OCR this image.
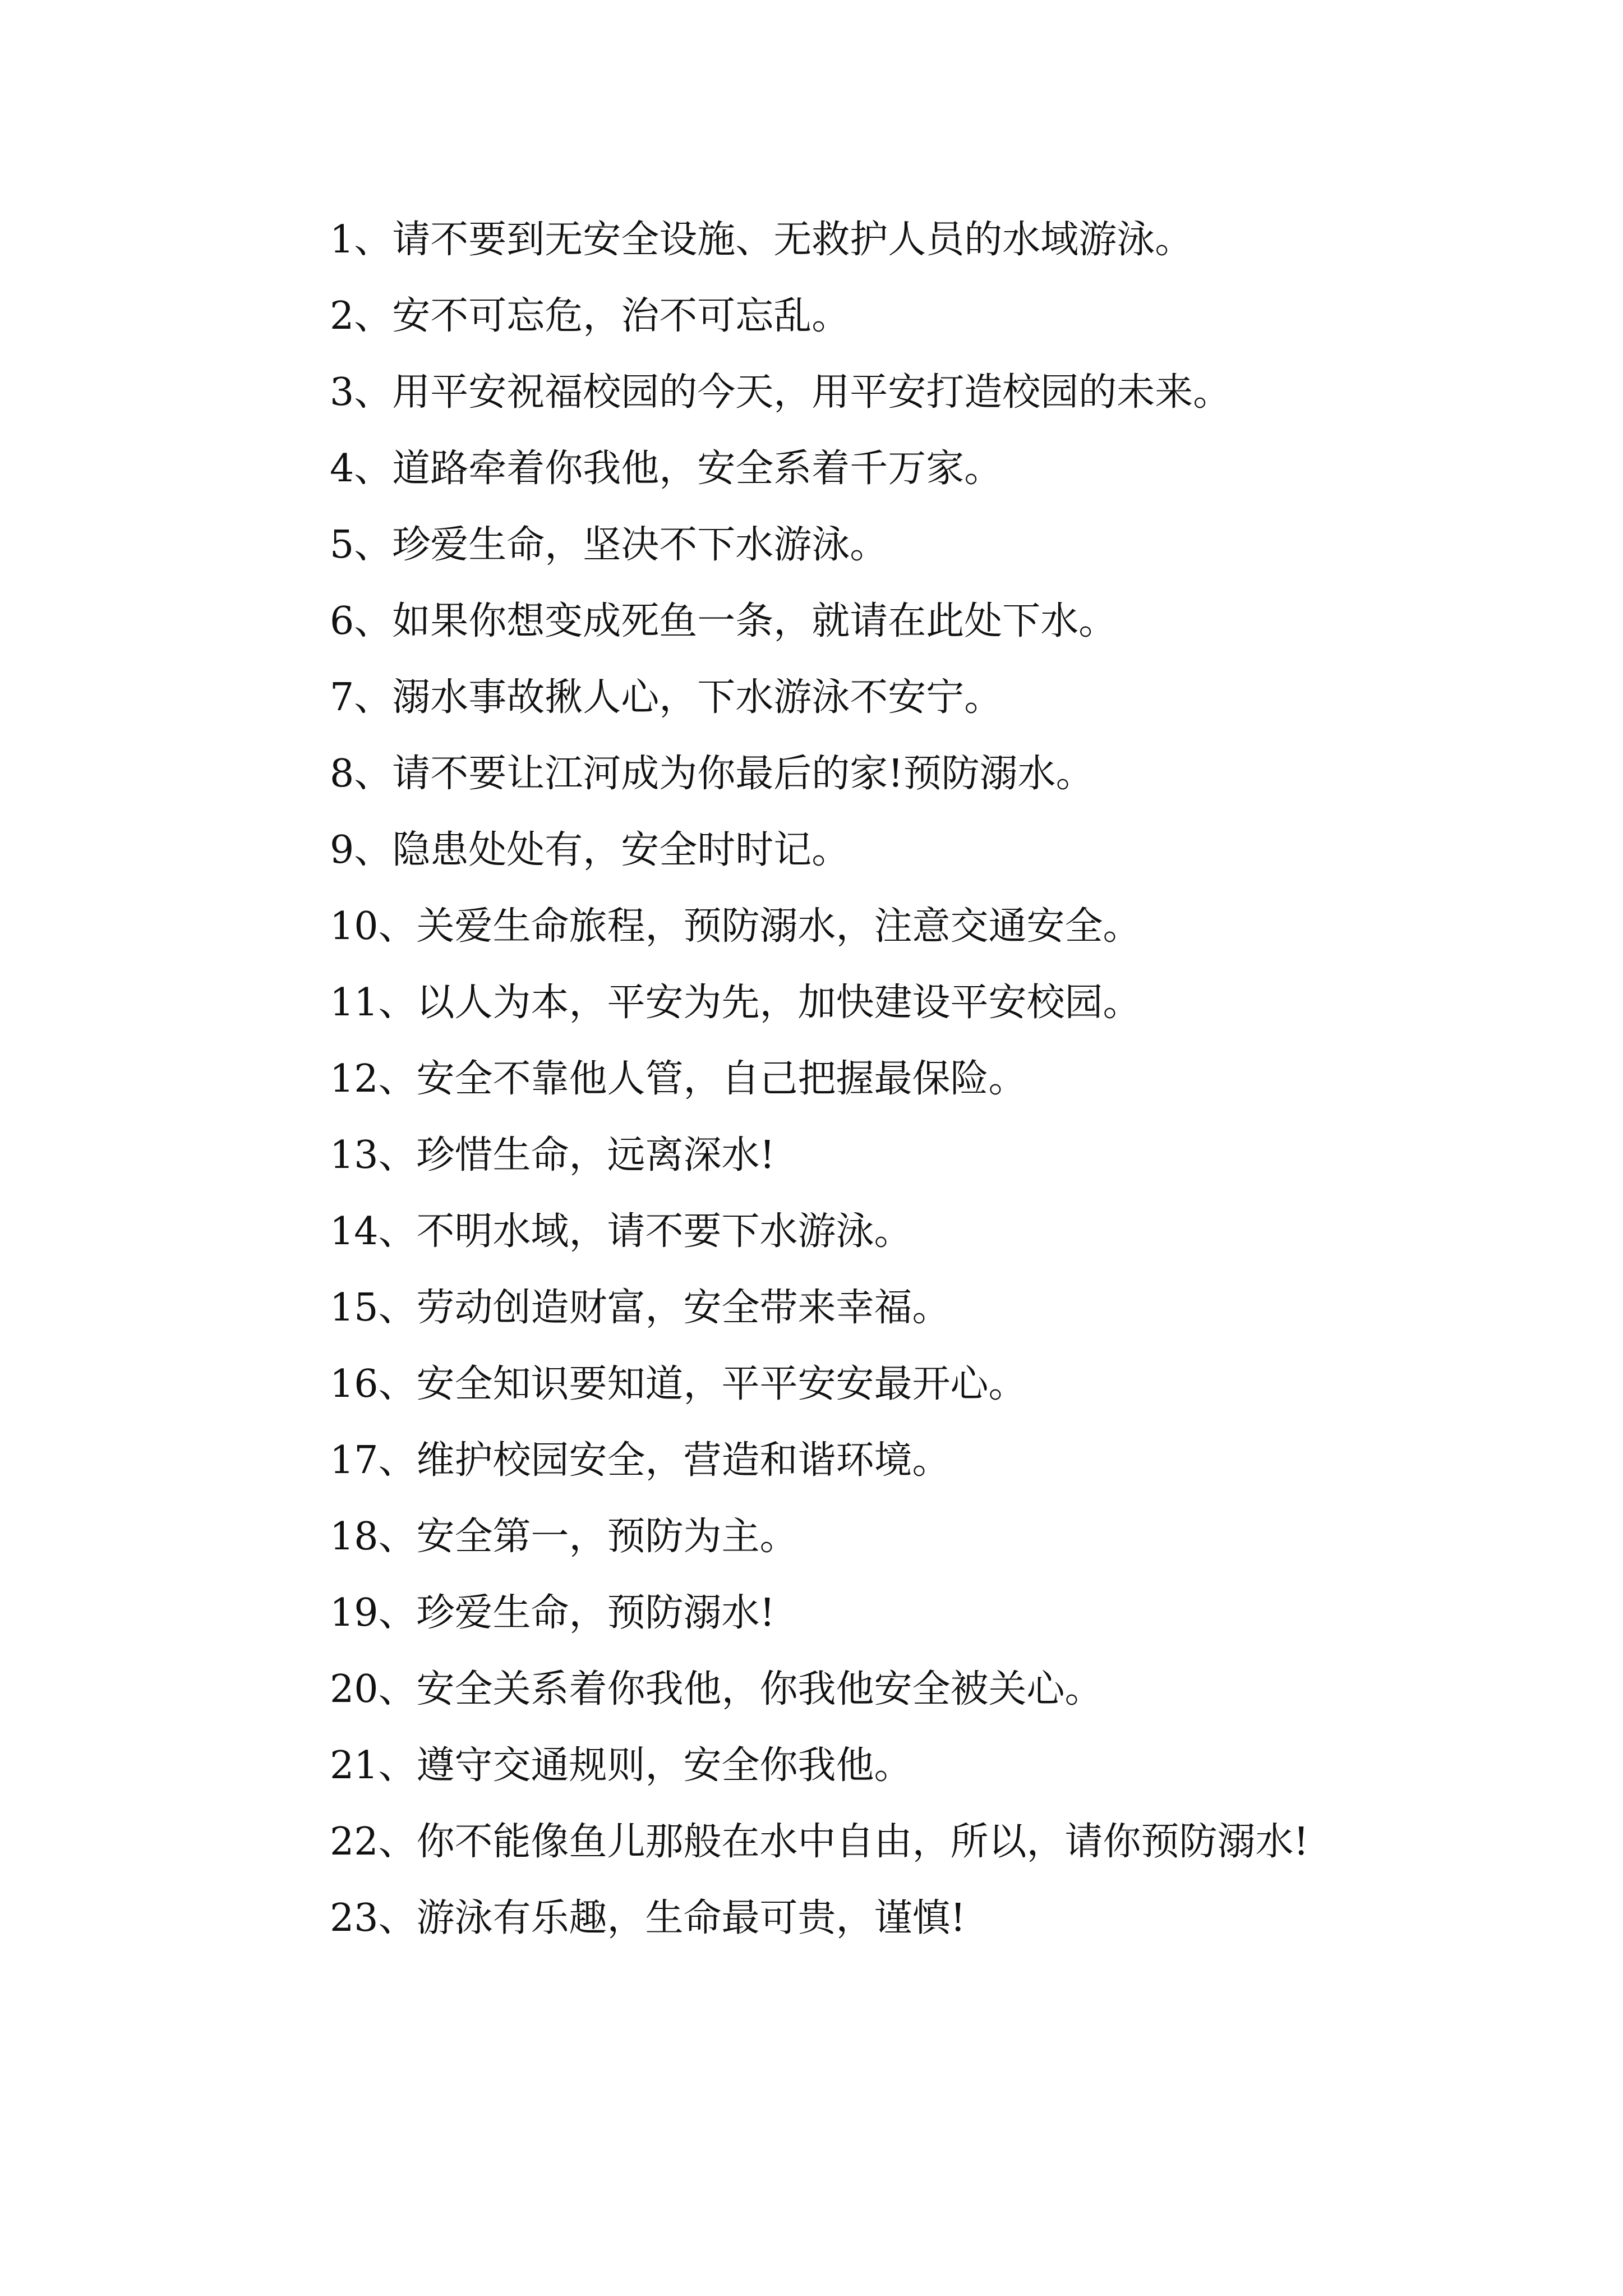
1、请不要到无安全设施、无救护人员的水域游泳。

2、安不可忘危，治不可忘乱。

3、用平安祝福校园的今天，用平安打造校园的未来。

4、道路牵着你我他，安全系着千万家。

5、珍爱生命，坚决不下水游泳。

6、如果你想变成死鱼一条，就请在此处下水。

7、溺水事故揪人心，下水游泳不安宁。

8、请不要让江河成为你最后的家!预防溺水。

9、隐患处处有，安全时时记。

10、关爱生命旅程，预防溺水，注意交通安全。

11、以人为本，平安为先，加快建设平安校园。

12、安全不靠他人管，自己把握最保险。

13、珍惜生命，远离深水!

14、不明水域，请不要下水游泳。

15、劳动创造财富，安全带来幸福。

16、安全知识要知道，平平安安最开心。

17、维护校园安全，营造和谐环境。

18、安全第一，预防为主。

19、珍爱生命，预防溺水!

20、安全关系着你我他，你我他安全被关心。

21、遵守交通规则，安全你我他。

22、你不能像鱼儿那般在水中自由，所以，请你预防溺水!

23、游泳有乐趣，生命最可贵，谨慎!
